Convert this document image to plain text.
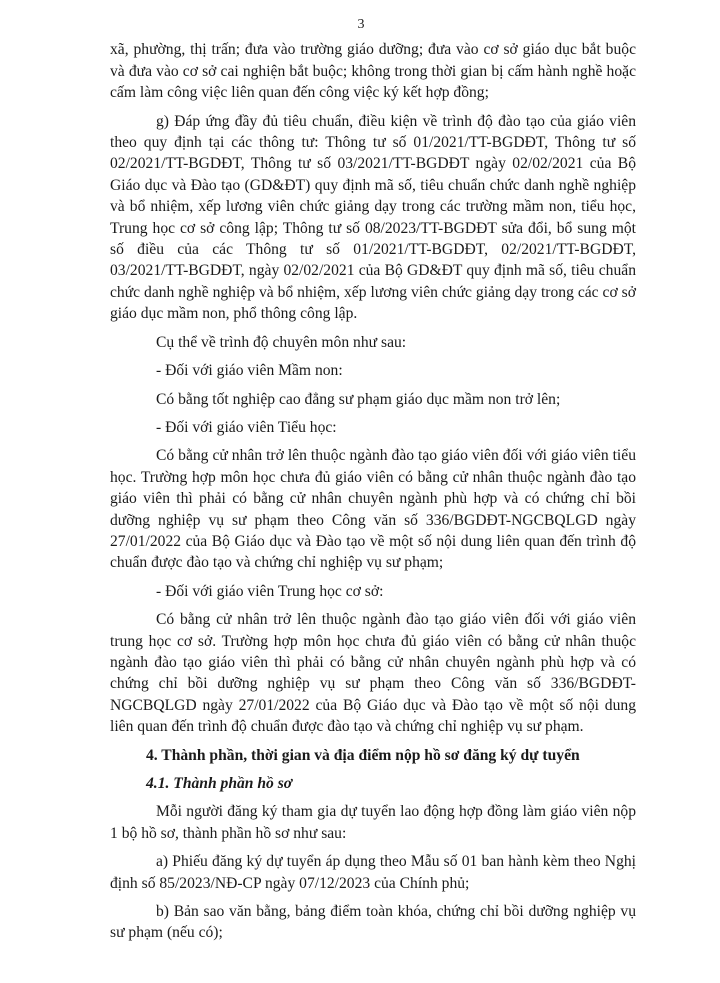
3

xã, phường, thị trấn; đưa vào trường giáo dưỡng; đưa vào cơ sở giáo dục bắt buộc và đưa vào cơ sở cai nghiện bắt buộc; không trong thời gian bị cấm hành nghề hoặc cấm làm công việc liên quan đến công việc ký kết hợp đồng;

g) Đáp ứng đầy đủ tiêu chuẩn, điều kiện về trình độ đào tạo của giáo viên theo quy định tại các thông tư: Thông tư số 01/2021/TT-BGDĐT, Thông tư số 02/2021/TT-BGDĐT, Thông tư số 03/2021/TT-BGDĐT ngày 02/02/2021 của Bộ Giáo dục và Đào tạo (GD&ĐT) quy định mã số, tiêu chuẩn chức danh nghề nghiệp và bổ nhiệm, xếp lương viên chức giảng dạy trong các trường mầm non, tiểu học, Trung học cơ sở công lập; Thông tư số 08/2023/TT-BGDĐT sửa đổi, bổ sung một số điều của các Thông tư số 01/2021/TT-BGDĐT, 02/2021/TT-BGDĐT, 03/2021/TT-BGDĐT, ngày 02/02/2021 của Bộ GD&ĐT quy định mã số, tiêu chuẩn chức danh nghề nghiệp và bổ nhiệm, xếp lương viên chức giảng dạy trong các cơ sở giáo dục mầm non, phổ thông công lập.

Cụ thể về trình độ chuyên môn như sau:

- Đối với giáo viên Mầm non:

Có bằng tốt nghiệp cao đẳng sư phạm giáo dục mầm non trở lên;

- Đối với giáo viên Tiểu học:

Có bằng cử nhân trở lên thuộc ngành đào tạo giáo viên đối với giáo viên tiểu học. Trường hợp môn học chưa đủ giáo viên có bằng cử nhân thuộc ngành đào tạo giáo viên thì phải có bằng cử nhân chuyên ngành phù hợp và có chứng chỉ bồi dưỡng nghiệp vụ sư phạm theo Công văn số 336/BGDĐT-NGCBQLGD ngày 27/01/2022 của Bộ Giáo dục và Đào tạo về một số nội dung liên quan đến trình độ chuẩn được đào tạo và chứng chỉ nghiệp vụ sư phạm;

- Đối với giáo viên Trung học cơ sở:

Có bằng cử nhân trở lên thuộc ngành đào tạo giáo viên đối với giáo viên trung học cơ sở. Trường hợp môn học chưa đủ giáo viên có bằng cử nhân thuộc ngành đào tạo giáo viên thì phải có bằng cử nhân chuyên ngành phù hợp và có chứng chỉ bồi dưỡng nghiệp vụ sư phạm theo Công văn số 336/BGDĐT-NGCBQLGD ngày 27/01/2022 của Bộ Giáo dục và Đào tạo về một số nội dung liên quan đến trình độ chuẩn được đào tạo và chứng chỉ nghiệp vụ sư phạm.

4. Thành phần, thời gian và địa điểm nộp hồ sơ đăng ký dự tuyển

4.1. Thành phần hồ sơ

Mỗi người đăng ký tham gia dự tuyển lao động hợp đồng làm giáo viên nộp 1 bộ hồ sơ, thành phần hồ sơ như sau:

a) Phiếu đăng ký dự tuyển áp dụng theo Mẫu số 01 ban hành kèm theo Nghị định số 85/2023/NĐ-CP ngày 07/12/2023 của Chính phủ;

b) Bản sao văn bằng, bảng điểm toàn khóa, chứng chỉ bồi dưỡng nghiệp vụ sư phạm (nếu có);
